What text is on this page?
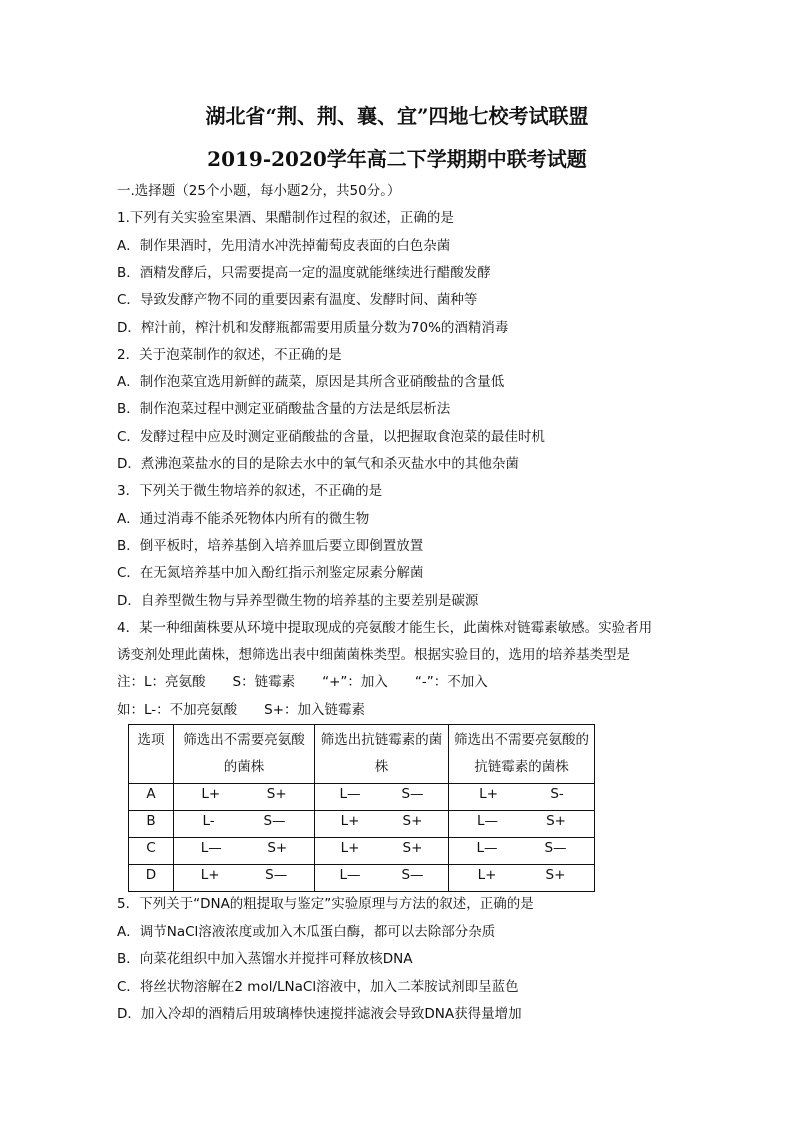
湖北省“荆、荆、襄、宜”四地七校考试联盟
2019-2020学年高二下学期期中联考试题
选项	筛选出不需要亮氨酸的菌株	筛选出抗链霉素的菌株	筛选出不需要亮氨酸的抗链霉素的菌株
A	L+ S+	L— S—	L+ S-

B	L- S—	L+ S+	L— S+

C	L— S+	L+ S+	L— S—

D	L+ S—	L— S—	L+ S+
一.选择题（25个小题，每小题2分，共50分。）
1.下列有关实验室果酒、果醋制作过程的叙述，正确的是
A．制作果酒时，先用清水冲洗掉葡萄皮表面的白色杂菌
B．酒精发酵后，只需要提高一定的温度就能继续进行醋酸发酵
C．导致发酵产物不同的重要因素有温度、发酵时间、菌种等
D．榨汁前，榨汁机和发酵瓶都需要用质量分数为70%的酒精消毒
2．关于泡菜制作的叙述，不正确的是
A．制作泡菜宜选用新鲜的蔬菜，原因是其所含亚硝酸盐的含量低
B．制作泡菜过程中测定亚硝酸盐含量的方法是纸层析法
C．发酵过程中应及时测定亚硝酸盐的含量，以把握取食泡菜的最佳时机
D．煮沸泡菜盐水的目的是除去水中的氧气和杀灭盐水中的其他杂菌
3．下列关于微生物培养的叙述，不正确的是
A．通过消毒不能杀死物体内所有的微生物
B．倒平板时，培养基倒入培养皿后要立即倒置放置
C．在无氮培养基中加入酚红指示剂鉴定尿素分解菌
D．自养型微生物与异养型微生物的培养基的主要差别是碳源
4．某一种细菌株要从环境中提取现成的亮氨酸才能生长，此菌株对链霉素敏感。实验者用
诱变剂处理此菌株，想筛选出表中细菌菌株类型。根据实验目的，选用的培养基类型是
注：L：亮氨酸　　S：链霉素　　“+”：加入　　“-”：不加入
如：L-：不加亮氨酸　　S+：加入链霉素
5．下列关于“DNA的粗提取与鉴定”实验原理与方法的叙述，正确的是
A．调节NaCl溶液浓度或加入木瓜蛋白酶，都可以去除部分杂质
B．向菜花组织中加入蒸馏水并搅拌可释放核DNA
C．将丝状物溶解在2 mol/LNaCl溶液中，加入二苯胺试剂即呈蓝色
D．加入冷却的酒精后用玻璃棒快速搅拌滤液会导致DNA获得量增加
